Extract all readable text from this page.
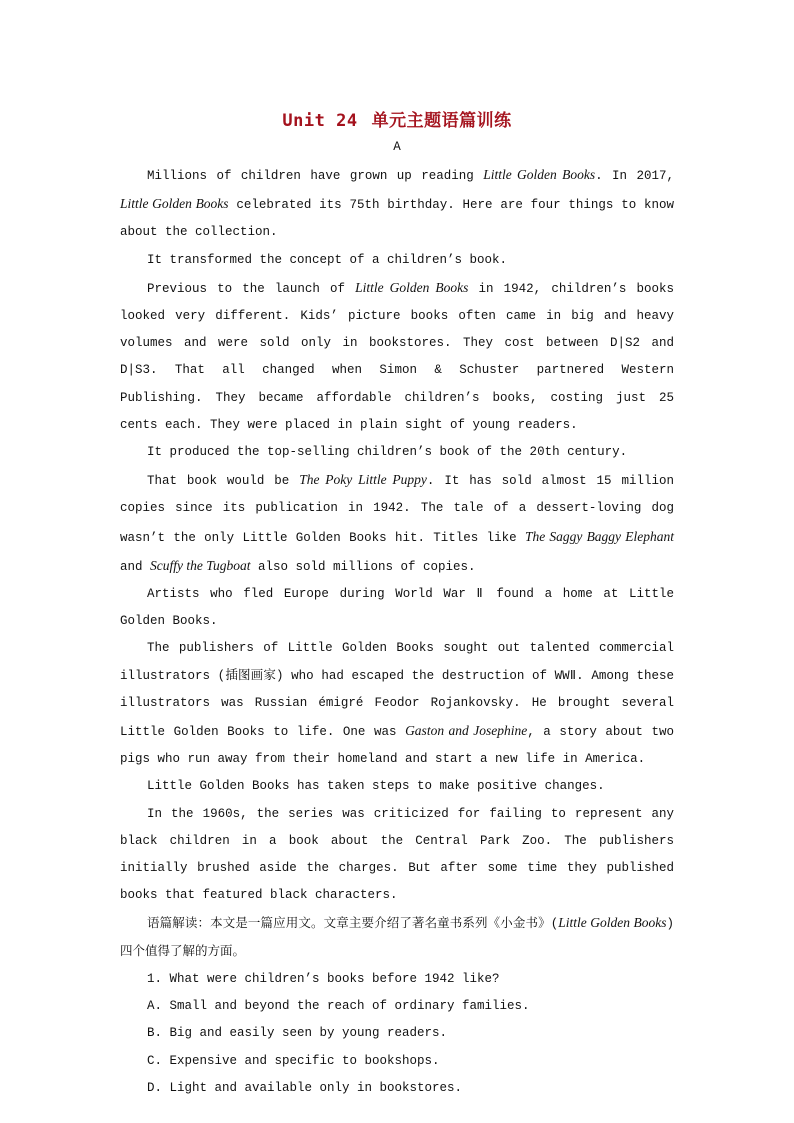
Unit 24 单元主题语篇训练
A

Millions of children have grown up reading Little Golden Books. In 2017, Little Golden Books celebrated its 75th birthday. Here are four things to know about the collection.

It transformed the concept of a children’s book.

Previous to the launch of Little Golden Books in 1942, children’s books looked very different. Kids’ picture books often came in big and heavy volumes and were sold only in bookstores. They cost between D|S2 and D|S3. That all changed when Simon & Schuster partnered Western Publishing. They became affordable children’s books, costing just 25 cents each. They were placed in plain sight of young readers.

It produced the top-selling children’s book of the 20th century.

That book would be The Poky Little Puppy. It has sold almost 15 million copies since its publication in 1942. The tale of a dessert-loving dog wasn’t the only Little Golden Books hit. Titles like The Saggy Baggy Elephant and Scuffy the Tugboat also sold millions of copies.

Artists who fled Europe during World War Ⅱ found a home at Little Golden Books.

The publishers of Little Golden Books sought out talented commercial illustrators (插图画家) who had escaped the destruction of WWⅡ. Among these illustrators was Russian émigré Feodor Rojankovsky. He brought several Little Golden Books to life. One was Gaston and Josephine, a story about two pigs who run away from their homeland and start a new life in America.

Little Golden Books has taken steps to make positive changes.

In the 1960s, the series was criticized for failing to represent any black children in a book about the Central Park Zoo. The publishers initially brushed aside the charges. But after some time they published books that featured black characters.

语篇解读：本文是一篇应用文。文章主要介绍了著名童书系列《小金书》(Little Golden Books) 四个值得了解的方面。

1. What were children’s books before 1942 like?

A. Small and beyond the reach of ordinary families.

B. Big and easily seen by young readers.

C. Expensive and specific to bookshops.

D. Light and available only in bookstores.
